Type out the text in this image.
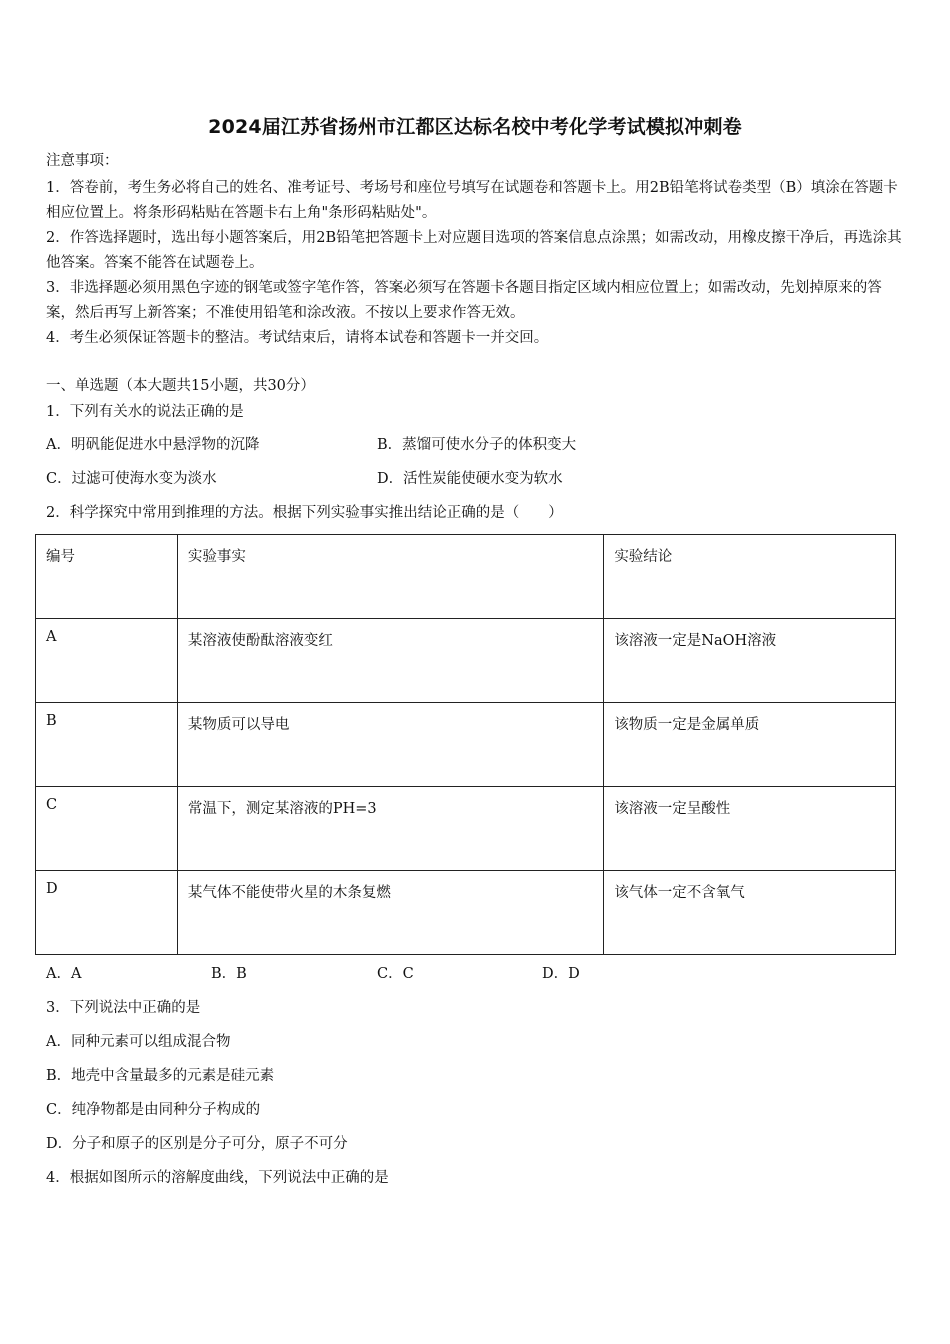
2024届江苏省扬州市江都区达标名校中考化学考试模拟冲刺卷
注意事项：

1．答卷前，考生务必将自己的姓名、准考证号、考场号和座位号填写在试题卷和答题卡上。用2B铅笔将试卷类型（B）填涂在答题卡相应位置上。将条形码粘贴在答题卡右上角"条形码粘贴处"。

2．作答选择题时，选出每小题答案后，用2B铅笔把答题卡上对应题目选项的答案信息点涂黑；如需改动，用橡皮擦干净后，再选涂其他答案。答案不能答在试题卷上。

3．非选择题必须用黑色字迹的钢笔或签字笔作答，答案必须写在答题卡各题目指定区域内相应位置上；如需改动，先划掉原来的答案，然后再写上新答案；不准使用铅笔和涂改液。不按以上要求作答无效。

4．考生必须保证答题卡的整洁。考试结束后，请将本试卷和答题卡一并交回。

一、单选题（本大题共15小题，共30分）
1．下列有关水的说法正确的是
A．明矾能促进水中悬浮物的沉降	B．蒸馏可使水分子的体积变大
C．过滤可使海水变为淡水	D．活性炭能使硬水变为软水
2．科学探究中常用到推理的方法。根据下列实验事实推出结论正确的是（　　）
编号	实验事实	实验结论
A	某溶液使酚酞溶液变红	该溶液一定是NaOH溶液
B	某物质可以导电	该物质一定是金属单质
C	常温下，测定某溶液的PH=3	该溶液一定呈酸性
D	某气体不能使带火星的木条复燃	该气体一定不含氧气
A．A	B．B	C．C	D．D
3．下列说法中正确的是
A．同种元素可以组成混合物
B．地壳中含量最多的元素是硅元素
C．纯净物都是由同种分子构成的
D．分子和原子的区别是分子可分，原子不可分
4．根据如图所示的溶解度曲线，下列说法中正确的是
